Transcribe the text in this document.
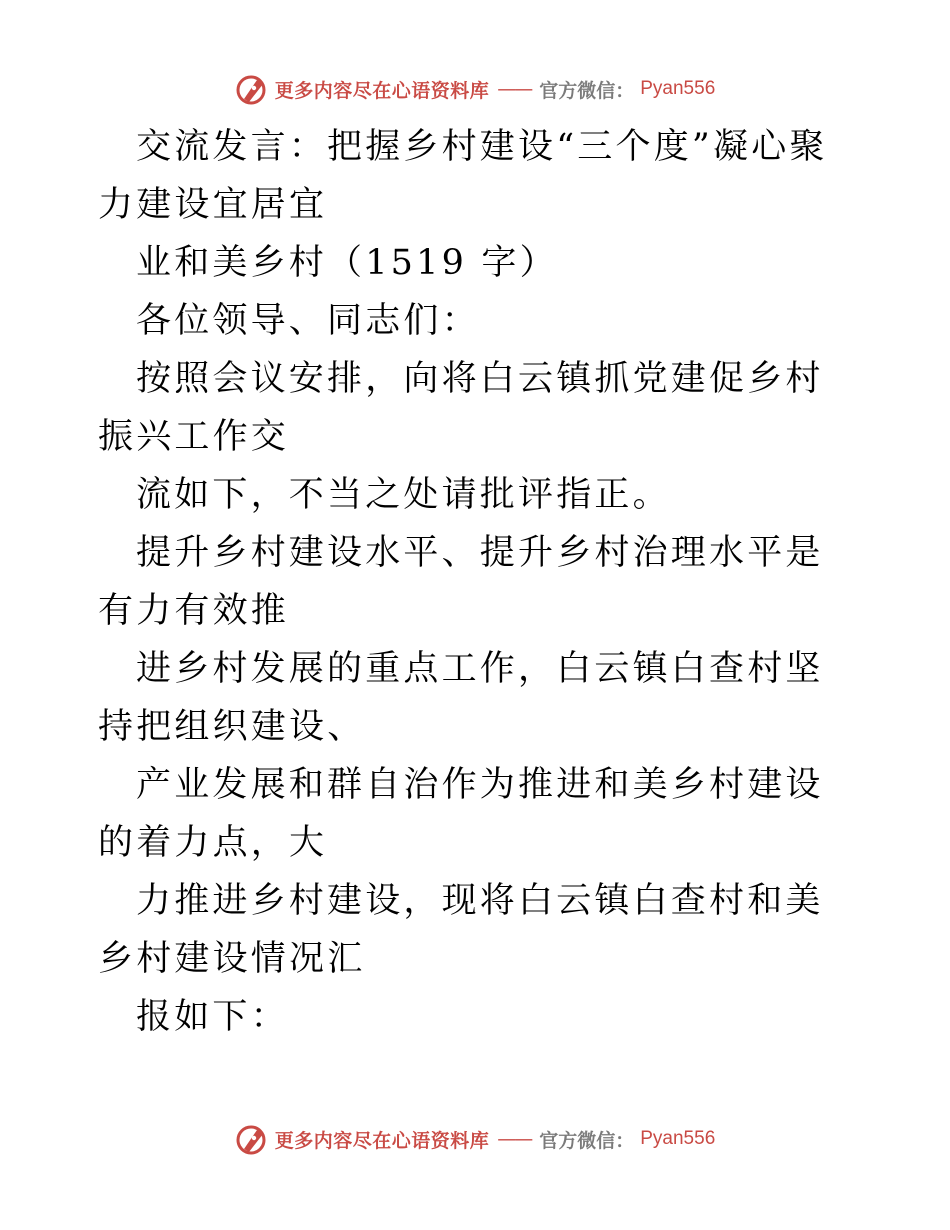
更多内容尽在心语资料库 —— 官方微信： Pyan556

交流发言：把握乡村建设“三个度”凝心聚力建设宜居宜

业和美乡村（1519 字）

各位领导、同志们：

按照会议安排，向将白云镇抓党建促乡村振兴工作交

流如下，不当之处请批评指正。

提升乡村建设水平、提升乡村治理水平是有力有效推

进乡村发展的重点工作，白云镇白查村坚持把组织建设、

产业发展和群自治作为推进和美乡村建设的着力点，大

力推进乡村建设，现将白云镇白查村和美乡村建设情况汇

报如下：

更多内容尽在心语资料库 —— 官方微信： Pyan556
